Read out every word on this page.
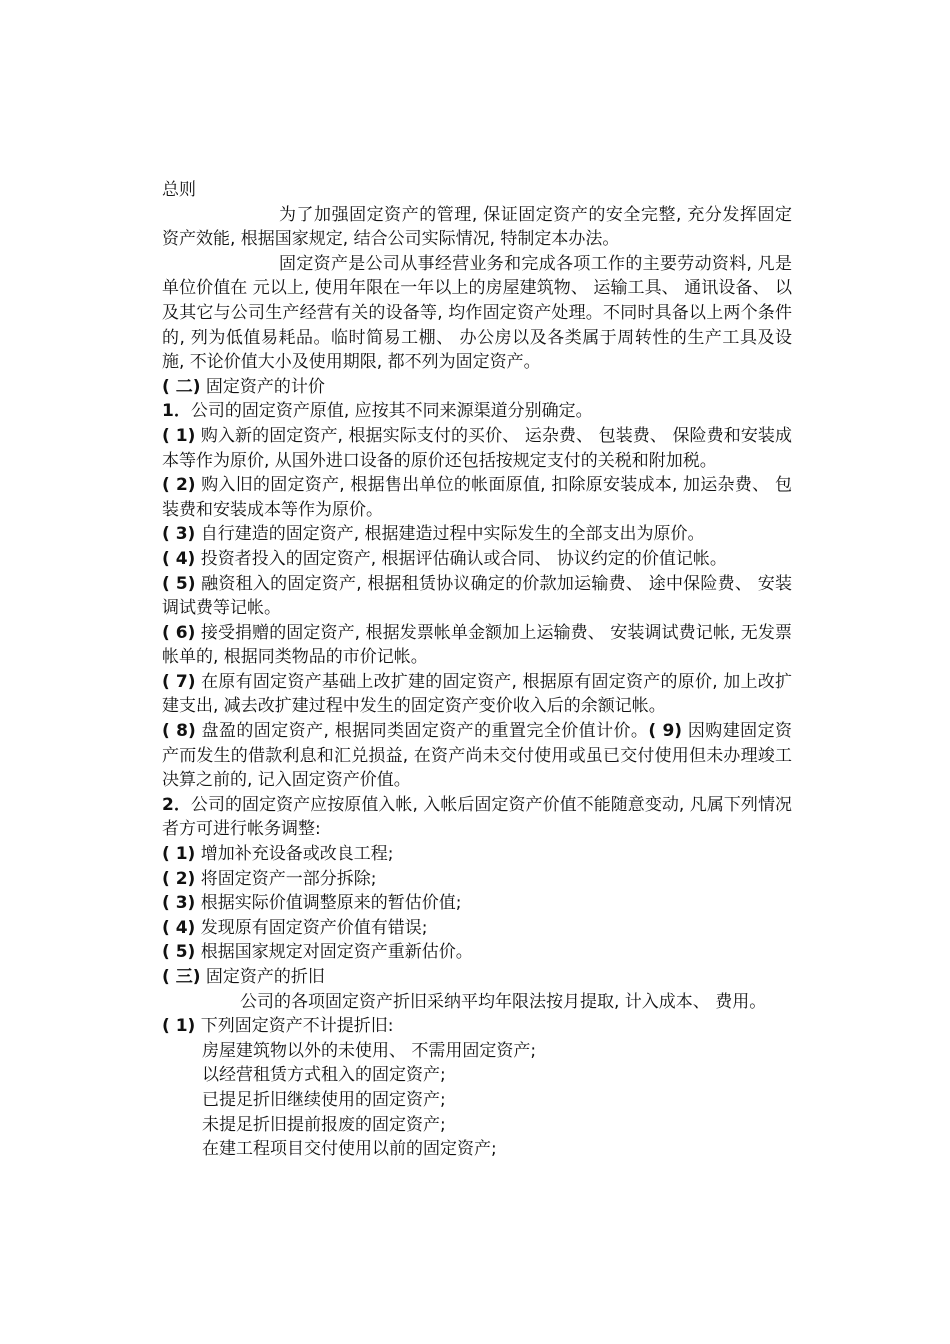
总则

为了加强固定资产的管理, 保证固定资产的安全完整, 充分发挥固定资产效能, 根据国家规定, 结合公司实际情况, 特制定本办法。

固定资产是公司从事经营业务和完成各项工作的主要劳动资料, 凡是单位价值在 元以上, 使用年限在一年以上的房屋建筑物、 运输工具、 通讯设备、 以及其它与公司生产经营有关的设备等, 均作固定资产处理。不同时具备以上两个条件的, 列为低值易耗品。临时简易工棚、 办公房以及各类属于周转性的生产工具及设施, 不论价值大小及使用期限, 都不列为固定资产。

( 二) 固定资产的计价

1．公司的固定资产原值, 应按其不同来源渠道分别确定。

( 1) 购入新的固定资产, 根据实际支付的买价、 运杂费、 包装费、 保险费和安装成本等作为原价, 从国外进口设备的原价还包括按规定支付的关税和附加税。

( 2) 购入旧的固定资产, 根据售出单位的帐面原值, 扣除原安装成本, 加运杂费、 包装费和安装成本等作为原价。

( 3) 自行建造的固定资产, 根据建造过程中实际发生的全部支出为原价。

( 4) 投资者投入的固定资产, 根据评估确认或合同、 协议约定的价值记帐。

( 5) 融资租入的固定资产, 根据租赁协议确定的价款加运输费、 途中保险费、 安装调试费等记帐。

( 6) 接受捐赠的固定资产, 根据发票帐单金额加上运输费、 安装调试费记帐, 无发票帐单的, 根据同类物品的市价记帐。

( 7) 在原有固定资产基础上改扩建的固定资产, 根据原有固定资产的原价, 加上改扩建支出, 减去改扩建过程中发生的固定资产变价收入后的余额记帐。

( 8) 盘盈的固定资产, 根据同类固定资产的重置完全价值计价。( 9) 因购建固定资产而发生的借款利息和汇兑损益, 在资产尚未交付使用或虽已交付使用但未办理竣工决算之前的, 记入固定资产价值。

2．公司的固定资产应按原值入帐, 入帐后固定资产价值不能随意变动, 凡属下列情况者方可进行帐务调整:

( 1) 增加补充设备或改良工程;

( 2) 将固定资产一部分拆除;

( 3) 根据实际价值调整原来的暂估价值;

( 4) 发现原有固定资产价值有错误;

( 5) 根据国家规定对固定资产重新估价。

( 三) 固定资产的折旧

公司的各项固定资产折旧采纳平均年限法按月提取, 计入成本、 费用。

( 1) 下列固定资产不计提折旧:

房屋建筑物以外的未使用、 不需用固定资产;

以经营租赁方式租入的固定资产;

已提足折旧继续使用的固定资产;

未提足折旧提前报废的固定资产;

在建工程项目交付使用以前的固定资产;
